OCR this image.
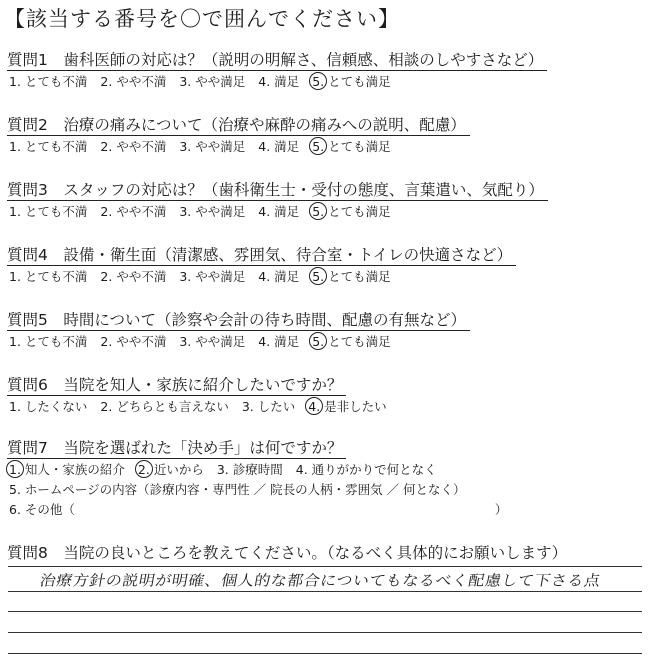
【該当する番号を〇で囲んでください】
質問1　歯科医師の対応は？（説明の明解さ、信頼感、相談のしやすさなど）
1. とても不満 2. やや不満 3. やや満足 4. 満足 5. とても満足
質問2　治療の痛みについて（治療や麻酔の痛みへの説明、配慮）
1. とても不満 2. やや不満 3. やや満足 4. 満足 5. とても満足
質問3　スタッフの対応は？（歯科衛生士・受付の態度、言葉遣い、気配り）
1. とても不満 2. やや不満 3. やや満足 4. 満足 5. とても満足
質問4　設備・衛生面（清潔感、雰囲気、待合室・トイレの快適さなど）
1. とても不満 2. やや不満 3. やや満足 4. 満足 5. とても満足
質問5　時間について（診察や会計の待ち時間、配慮の有無など）
1. とても不満 2. やや不満 3. やや満足 4. 満足 5. とても満足
質問6　当院を知人・家族に紹介したいですか？
1. したくない 2. どちらとも言えない 3. したい 4. 是非したい
質問7　当院を選ばれた「決め手」は何ですか？
1. 知人・家族の紹介 2. 近いから 3. 診療時間 4. 通りがかりで何となく
5. ホームページの内容（診療内容・専門性 ／ 院長の人柄・雰囲気 ／ 何となく）
6. その他（	）
質問8　当院の良いところを教えてください。（なるべく具体的にお願いします）
治療方針の説明が明確、個人的な都合についてもなるべく配慮して下さる点
